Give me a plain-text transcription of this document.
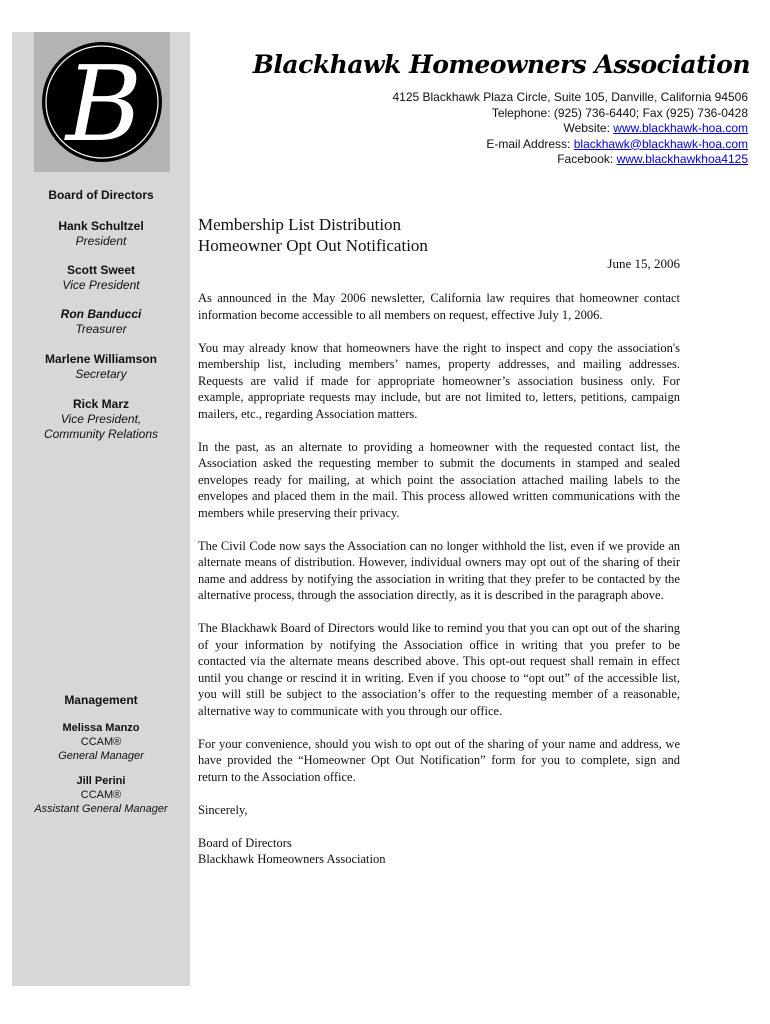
B	Blackhawk Homeowners Association
4125 Blackhawk Plaza Circle, Suite 105, Danville, California 94506
Telephone: (925) 736-6440; Fax (925) 736-0428
Website: www.blackhawk-hoa.com
E-mail Address: blackhawk@blackhawk-hoa.com
Facebook: www.blackhawkhoa4125
Board of Directors
Hank Schultzel
President
Scott Sweet
Vice President
Ron Banducci
Treasurer
Marlene Williamson
Secretary
Rick Marz
Vice President,
Community Relations
Management
Melissa Manzo
CCAM®
General Manager
Jill Perini
CCAM®
Assistant General Manager
Membership List Distribution
Homeowner Opt Out Notification
June 15, 2006

As announced in the May 2006 newsletter, California law requires that homeowner contact information become accessible to all members on request, effective July 1, 2006.

You may already know that homeowners have the right to inspect and copy the association's membership list, including members’ names, property addresses, and mailing addresses. Requests are valid if made for appropriate homeowner’s association business only. For example, appropriate requests may include, but are not limited to, letters, petitions, campaign mailers, etc., regarding Association matters.

In the past, as an alternate to providing a homeowner with the requested contact list, the Association asked the requesting member to submit the documents in stamped and sealed envelopes ready for mailing, at which point the association attached mailing labels to the envelopes and placed them in the mail. This process allowed written communications with the members while preserving their privacy.

The Civil Code now says the Association can no longer withhold the list, even if we provide an alternate means of distribution. However, individual owners may opt out of the sharing of their name and address by notifying the association in writing that they prefer to be contacted by the alternative process, through the association directly, as it is described in the paragraph above.

The Blackhawk Board of Directors would like to remind you that you can opt out of the sharing of your information by notifying the Association office in writing that you prefer to be contacted via the alternate means described above. This opt-out request shall remain in effect until you change or rescind it in writing. Even if you choose to “opt out” of the accessible list, you will still be subject to the association’s offer to the requesting member of a reasonable, alternative way to communicate with you through our office.

For your convenience, should you wish to opt out of the sharing of your name and address, we have provided the “Homeowner Opt Out Notification” form for you to complete, sign and return to the Association office.

Sincerely,

Board of Directors
Blackhawk Homeowners Association
